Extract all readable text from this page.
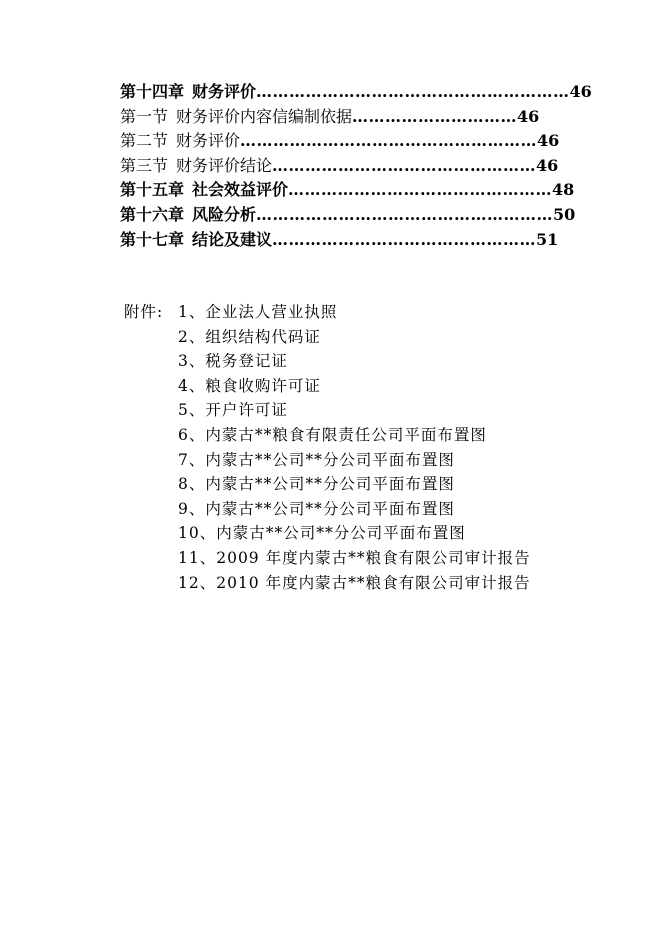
第十四章 财务评价 ………………………………………………… 46
第一节 财务评价内容信编制依据 ………………………… 46
第二节 财务评价 ……………………………………………… 46
第三节 财务评价结论 ………………………………………… 46
第十五章 社会效益评价 ………………………………………… 48
第十六章 风险分析 ……………………………………………… 50
第十七章 结论及建议 ………………………………………… 51
附件: 1、企业法人营业执照
2、组织结构代码证
3、税务登记证
4、粮食收购许可证
5、开户许可证
6、内蒙古**粮食有限责任公司平面布置图
7、内蒙古**公司**分公司平面布置图
8、内蒙古**公司**分公司平面布置图
9、内蒙古**公司**分公司平面布置图
10、内蒙古**公司**分公司平面布置图
11、2009 年度内蒙古**粮食有限公司审计报告
12、2010 年度内蒙古**粮食有限公司审计报告
